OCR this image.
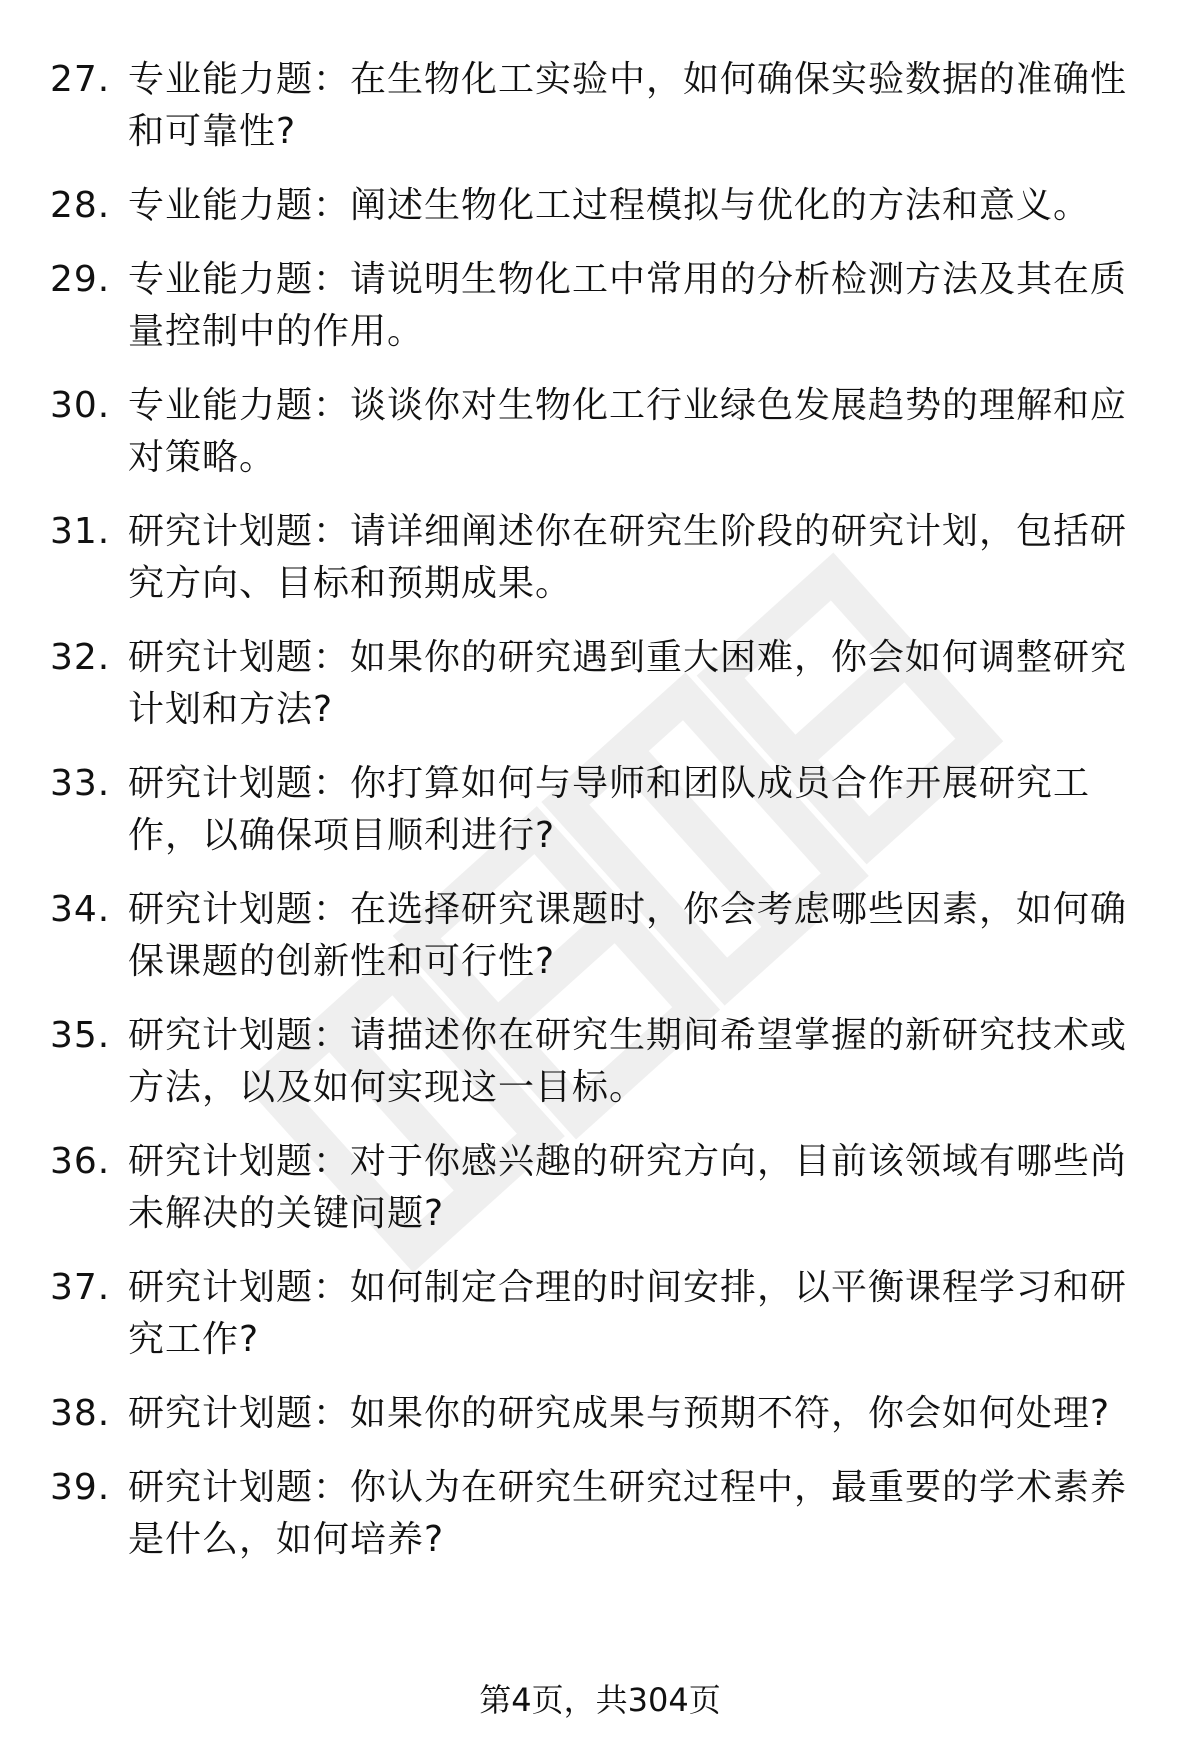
27. 专业能力题：在生物化工实验中，如何确保实验数据的准确性和可靠性?
28. 专业能力题：阐述生物化工过程模拟与优化的方法和意义。
29. 专业能力题：请说明生物化工中常用的分析检测方法及其在质量控制中的作用。
30. 专业能力题：谈谈你对生物化工行业绿色发展趋势的理解和应对策略。
31. 研究计划题：请详细阐述你在研究生阶段的研究计划，包括研究方向、目标和预期成果。
32. 研究计划题：如果你的研究遇到重大困难，你会如何调整研究计划和方法?
33. 研究计划题：你打算如何与导师和团队成员合作开展研究工作，以确保项目顺利进行?
34. 研究计划题：在选择研究课题时，你会考虑哪些因素，如何确保课题的创新性和可行性?
35. 研究计划题：请描述你在研究生期间希望掌握的新研究技术或方法，以及如何实现这一目标。
36. 研究计划题：对于你感兴趣的研究方向，目前该领域有哪些尚未解决的关键问题?
37. 研究计划题：如何制定合理的时间安排，以平衡课程学习和研究工作?
38. 研究计划题：如果你的研究成果与预期不符，你会如何处理?
39. 研究计划题：你认为在研究生研究过程中，最重要的学术素养是什么，如何培养?
第4页，共304页
